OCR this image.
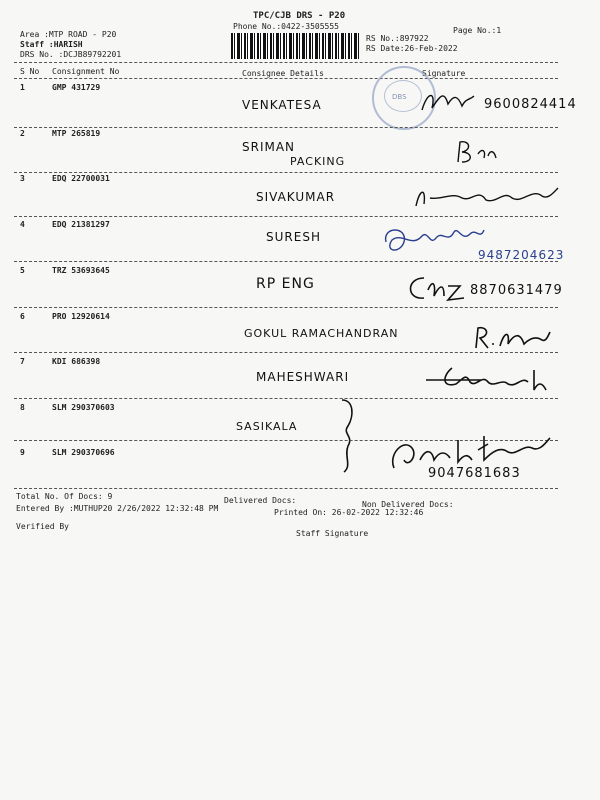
TPC/CJB DRS - P20
Phone No.:0422-3505555	Page No.:1
Area :MTP ROAD - P20
Staff :HARISH
DRS No. :DCJB89792201
RS No.:897922
RS Date:26-Feb-2022
S No Consignment No	Consignee Details	Signature
DBS
1	GMP 431729
VENKATESA	9600824414
2	MTP 265819
SRIMAN
PACKING
3	EDQ 22700031
SIVAKUMAR
4	EDQ 21381297
SURESH
9487204623
5	TRZ 53693645
RP ENG	8870631479
6	PRO 12920614
GOKUL RAMACHANDRAN
7	KDI 686398
MAHESHWARI
8	SLM 290370603
SASIKALA
9	SLM 290370696
9047681683
Total No. Of Docs: 9	Delivered Docs:	Non Delivered Docs:
Entered By :MUTHUP20 2/26/2022 12:32:48 PM	Printed On: 26-02-2022 12:32:46
Verified By
Staff Signature
